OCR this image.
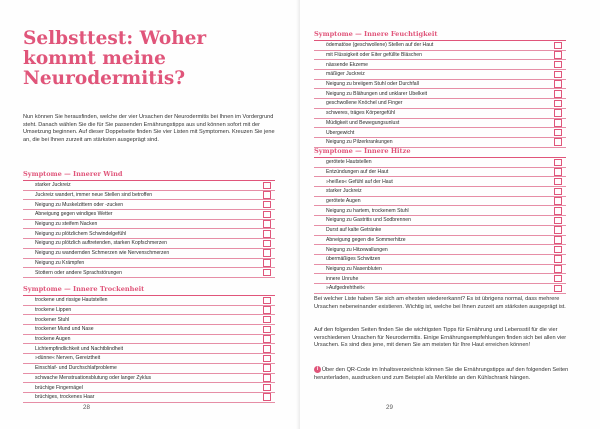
Selbsttest: Woher kommt meine Neurodermitis?

Nun können Sie herausfinden, welche der vier Ursachen der Neurodermitis bei Ihnen im Vordergrund steht. Danach wählen Sie die für Sie passenden Ernährungstipps aus und können sofort mit der Umsetzung beginnen. Auf dieser Doppelseite finden Sie vier Listen mit Symptomen. Kreuzen Sie jene an, die bei Ihnen zurzeit am stärksten ausgeprägt sind.

Symptome — Innerer Wind
starker Juckreiz
Juckreiz wandert, immer neue Stellen sind betroffen
Neigung zu Muskelzittern oder -zucken
Abneigung gegen windiges Wetter
Neigung zu steifem Nacken
Neigung zu plötzlichem Schwindelgefühl
Neigung zu plötzlich auftretenden, starken Kopfschmerzen
Neigung zu wandernden Schmerzen wie Nervenschmerzen
Neigung zu Krämpfen
Stottern oder andere Sprachstörungen
Symptome — Innere Trockenheit
trockene und rissige Hautstellen
trockene Lippen
trockener Stuhl
trockener Mund und Nase
trockene Augen
Lichtempfindlichkeit und Nachtblindheit
»dünne« Nerven, Gereiztheit
Einschlaf- und Durchschlafprobleme
schwache Menstruationsblutung oder langer Zyklus
brüchige Fingernägel
brüchiges, trockenes Haar
28	29
Symptome — Innere Feuchtigkeit
ödematöse (geschwollene) Stellen auf der Haut
mit Flüssigkeit oder Eiter gefüllte Bläschen
nässende Ekzeme
mäßiger Juckreiz
Neigung zu breiigem Stuhl oder Durchfall
Neigung zu Blähungen und unklarer Übelkeit
geschwollene Knöchel und Finger
schweres, träges Körpergefühl
Müdigkeit und Bewegungsunlust
Übergewicht
Neigung zu Pilzerkrankungen
Symptome — Innere Hitze
gerötete Hautstellen
Entzündungen auf der Haut
»heißes« Gefühl auf der Haut
starker Juckreiz
gerötete Augen
Neigung zu hartem, trockenem Stuhl
Neigung zu Gastritis und Sodbrennen
Durst auf kalte Getränke
Abneigung gegen die Sommerhitze
Neigung zu Hitzewallungen
übermäßiges Schwitzen
Neigung zu Nasenbluten
innere Unruhe
»Aufgedrehtheit«

Bei welcher Liste haben Sie sich am ehesten wiedererkannt? Es ist übrigens normal, dass mehrere Ursachen nebeneinander existieren. Wichtig ist, welche bei Ihnen zurzeit am stärksten ausgeprägt ist.

Auf den folgenden Seiten finden Sie die wichtigsten Tipps für Ernährung und Lebensstil für die vier verschiedenen Ursachen für Neurodermitis. Einige Ernährungsempfehlungen finden sich bei allen vier Ursachen. Es sind dies jene, mit denen Sie am meisten für Ihre Haut erreichen können!

i Über den QR-Code im Inhaltsverzeichnis können Sie die Ernährungstipps auf den folgenden Seiten herunterladen, ausdrucken und zum Beispiel als Merkliste an den Kühlschrank hängen.
